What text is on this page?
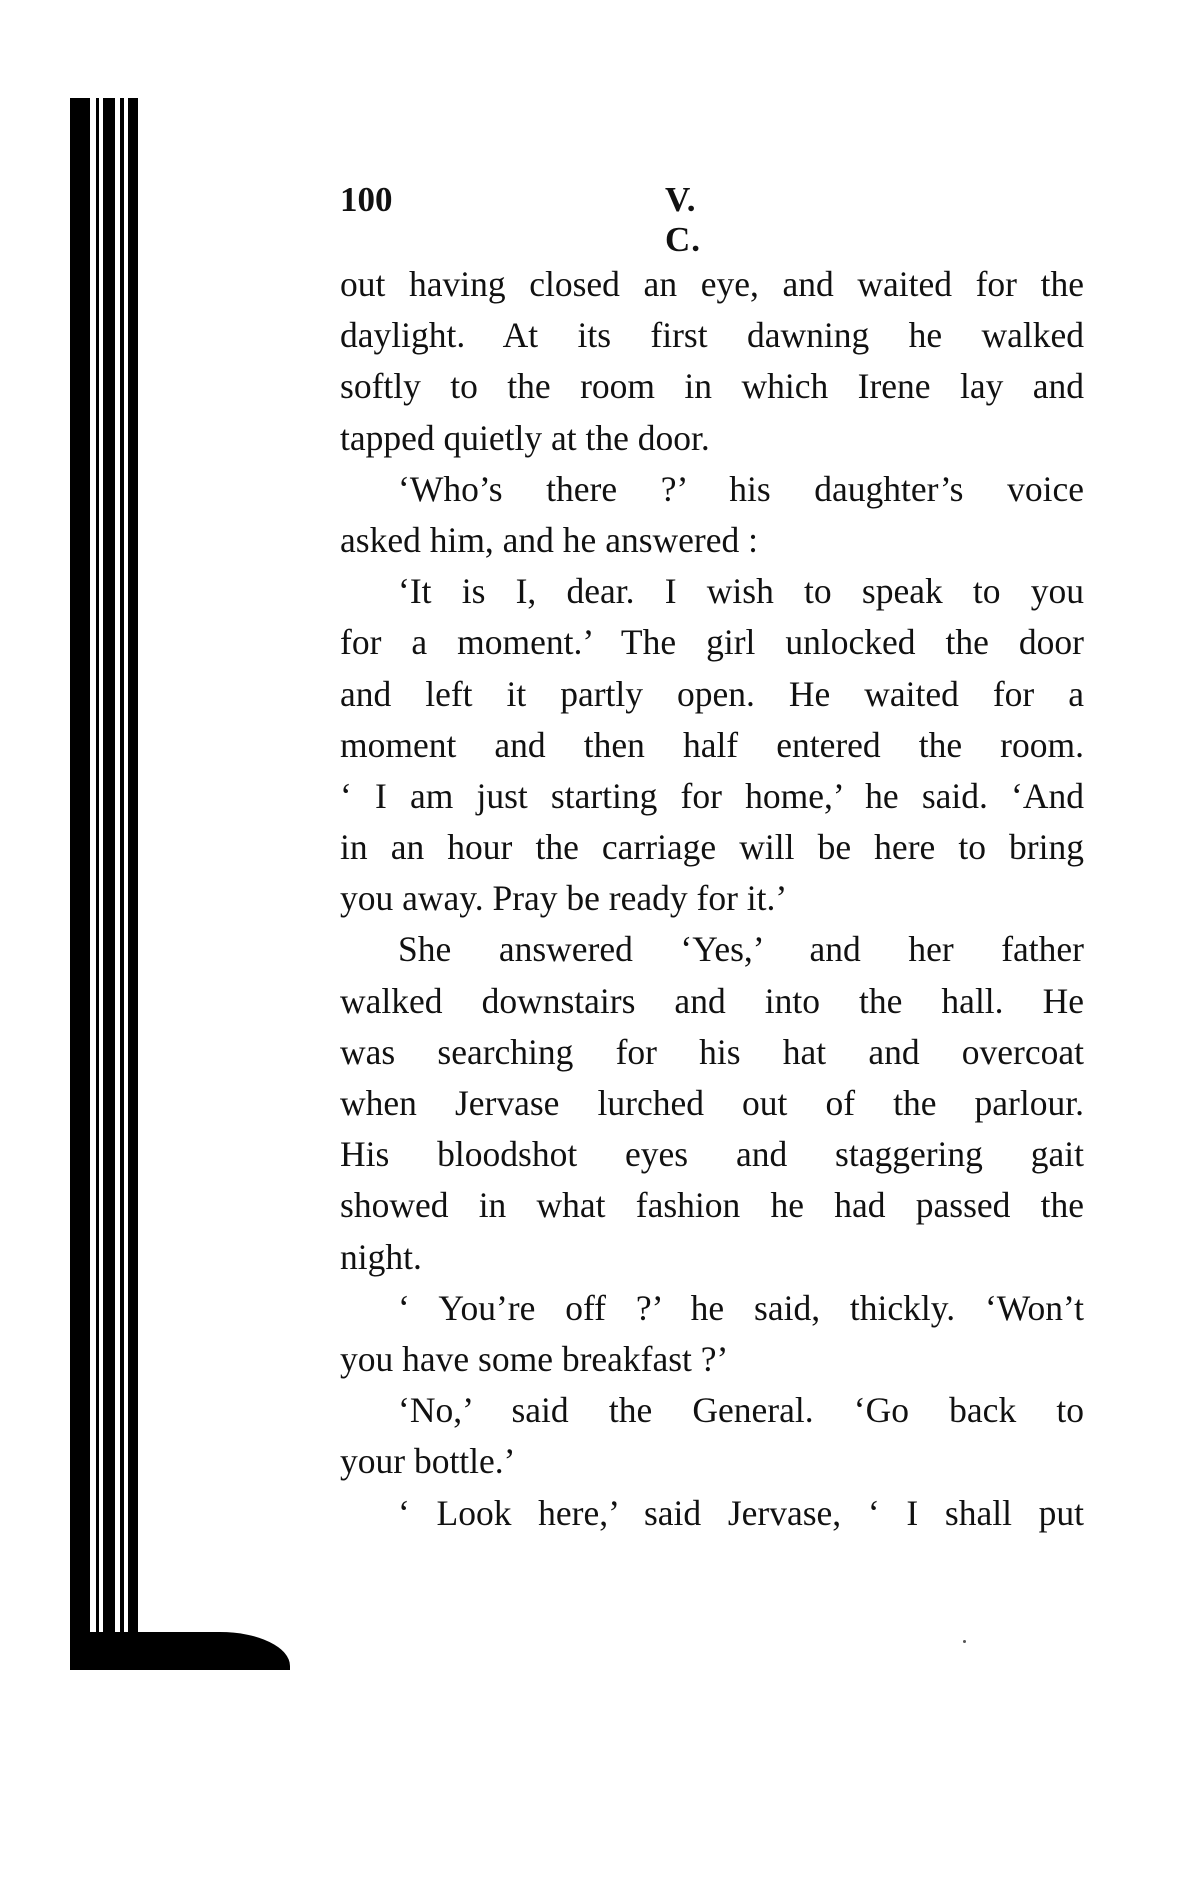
100	V. C.
out having closed an eye, and waited for the
daylight. At its first dawning he walked
softly to the room in which Irene lay and
tapped quietly at the door.
‘Who’s there ?’ his daughter’s voice
asked him, and he answered :
‘It is I, dear. I wish to speak to you
for a moment.’ The girl unlocked the door
and left it partly open. He waited for a
moment and then half entered the room.
‘ I am just starting for home,’ he said. ‘And
in an hour the carriage will be here to bring
you away. Pray be ready for it.’
She answered ‘Yes,’ and her father
walked downstairs and into the hall. He
was searching for his hat and overcoat
when Jervase lurched out of the parlour.
His bloodshot eyes and staggering gait
showed in what fashion he had passed the
night.
‘ You’re off ?’ he said, thickly. ‘Won’t
you have some breakfast ?’
‘No,’ said the General. ‘Go back to
your bottle.’
‘ Look here,’ said Jervase, ‘ I shall put
